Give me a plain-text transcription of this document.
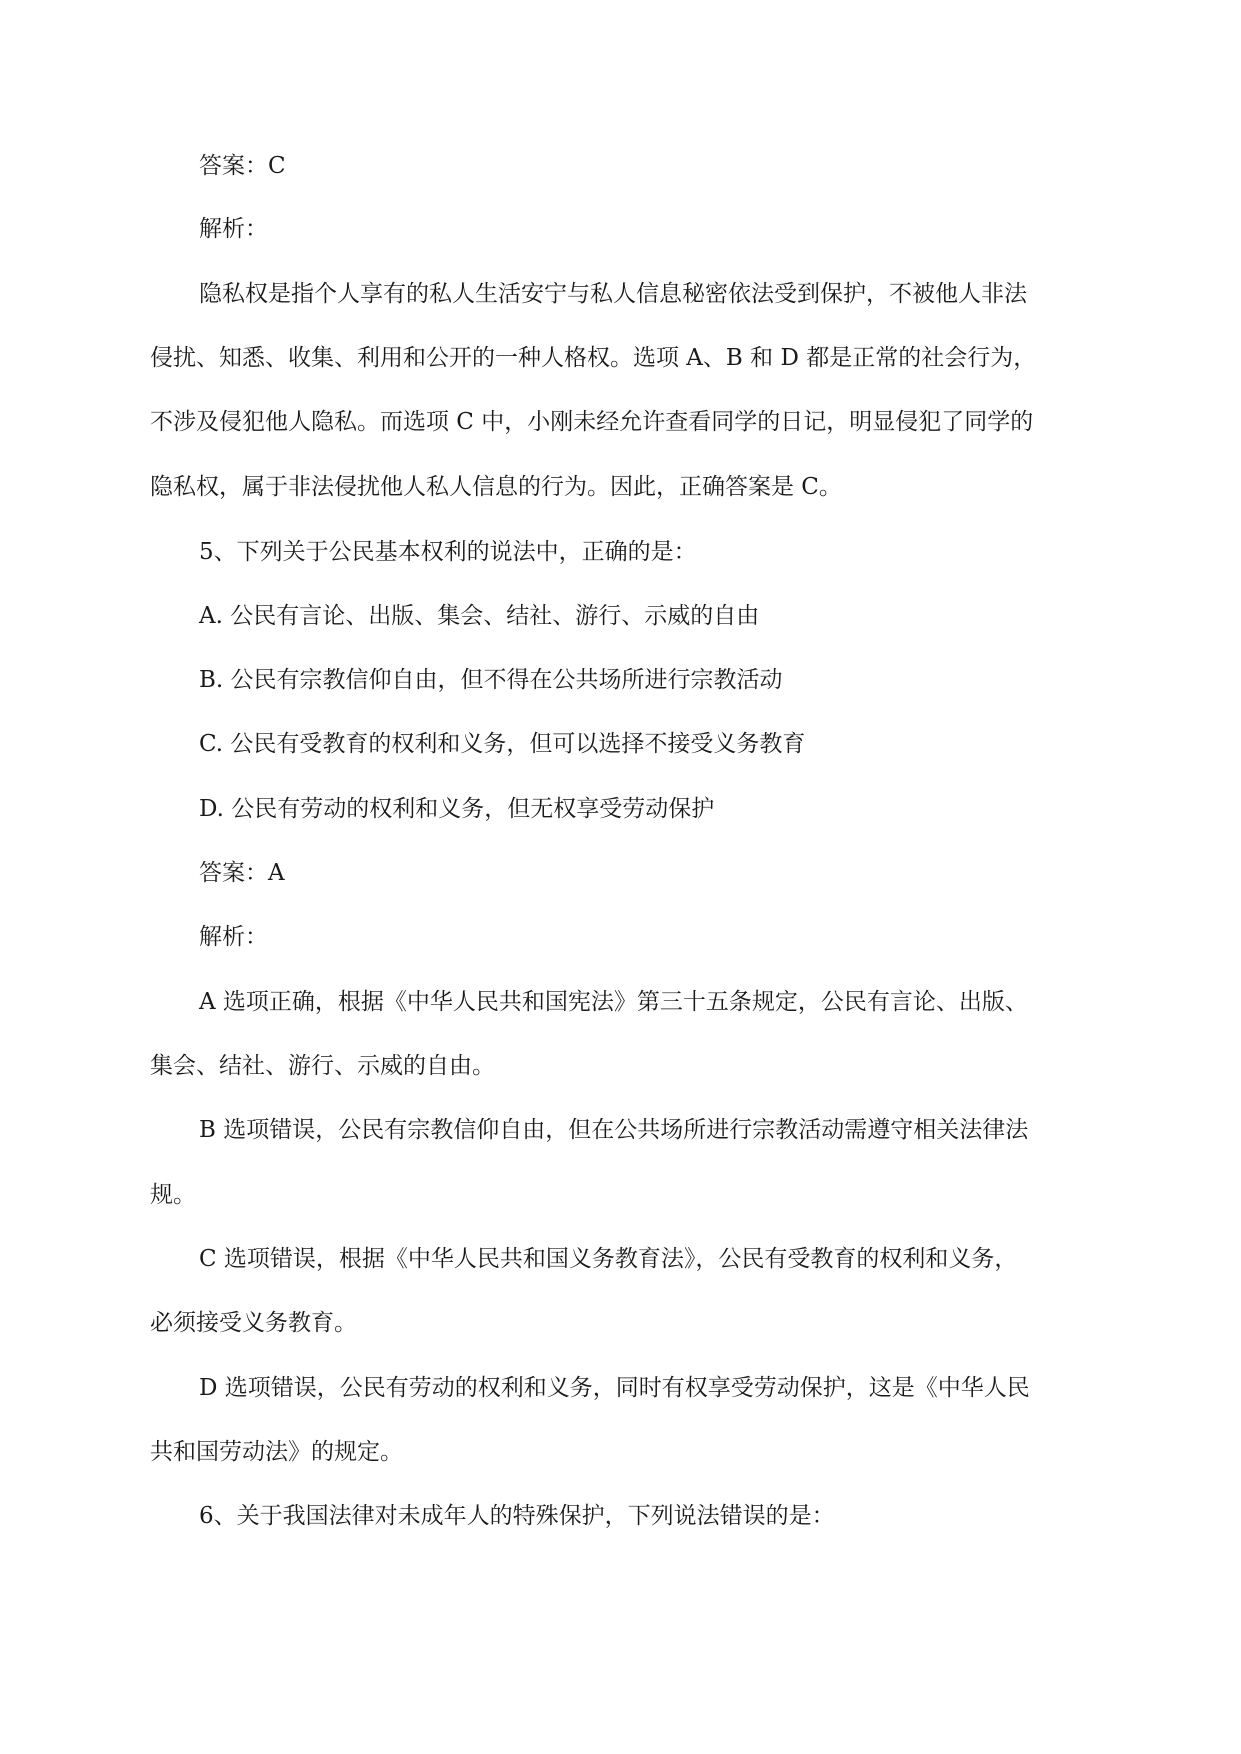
答案：C
解析：
隐私权是指个人享有的私人生活安宁与私人信息秘密依法受到保护，不被他人非法
侵扰、知悉、收集、利用和公开的一种人格权。选项 A、B 和 D 都是正常的社会行为，
不涉及侵犯他人隐私。而选项 C 中，小刚未经允许查看同学的日记，明显侵犯了同学的
隐私权，属于非法侵扰他人私人信息的行为。因此，正确答案是 C。
5、下列关于公民基本权利的说法中，正确的是：
A. 公民有言论、出版、集会、结社、游行、示威的自由
B. 公民有宗教信仰自由，但不得在公共场所进行宗教活动
C. 公民有受教育的权利和义务，但可以选择不接受义务教育
D. 公民有劳动的权利和义务，但无权享受劳动保护
答案：A
解析：
A 选项正确，根据《中华人民共和国宪法》第三十五条规定，公民有言论、出版、
集会、结社、游行、示威的自由。
B 选项错误，公民有宗教信仰自由，但在公共场所进行宗教活动需遵守相关法律法
规。
C 选项错误，根据《中华人民共和国义务教育法》，公民有受教育的权利和义务，
必须接受义务教育。
D 选项错误，公民有劳动的权利和义务，同时有权享受劳动保护，这是《中华人民
共和国劳动法》的规定。
6、关于我国法律对未成年人的特殊保护，下列说法错误的是：
